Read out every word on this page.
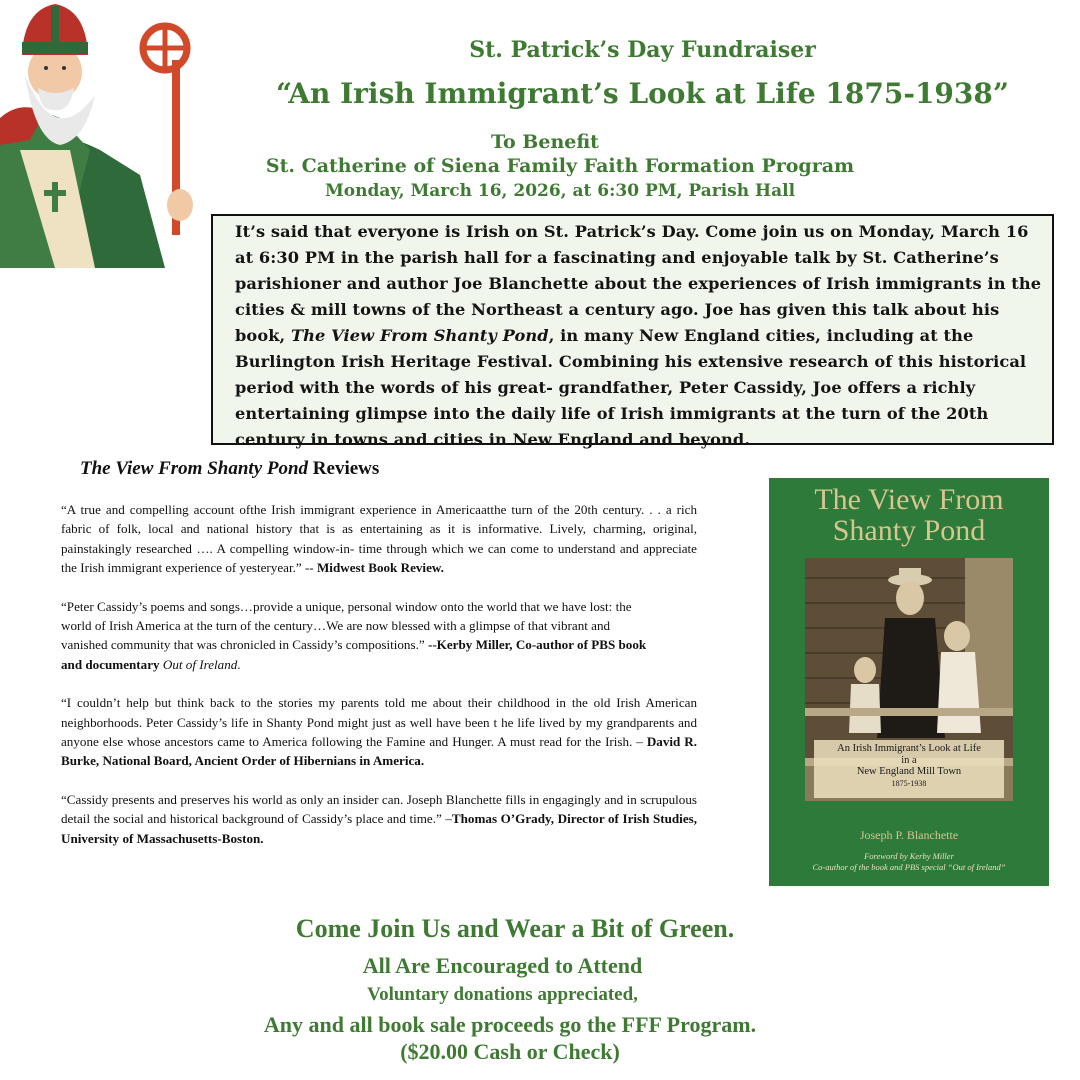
St. Patrick’s Day Fundraiser
“An Irish Immigrant’s Look at Life 1875-1938”
To Benefit
St. Catherine of Siena Family Faith Formation Program
Monday, March 16, 2026, at 6:30 PM, Parish Hall

It’s said that everyone is Irish on St. Patrick’s Day. Come join us on Monday, March 16 at 6:30 PM in the parish hall for a fascinating and enjoyable talk by St. Catherine’s parishioner and author Joe Blanchette about the experiences of Irish immigrants in the cities & mill towns of the Northeast a century ago. Joe has given this talk about his book, The View From Shanty Pond, in many New England cities, including at the Burlington Irish Heritage Festival. Combining his extensive research of this historical period with the words of his great- grandfather, Peter Cassidy, Joe offers a richly entertaining glimpse into the daily life of Irish immigrants at the turn of the 20th century in towns and cities in New England and beyond.

The View From Shanty Pond Reviews

“A true and compelling account ofthe Irish immigrant experience in Americaatthe turn of the 20th century. . . a rich fabric of folk, local and national history that is as entertaining as it is informative. Lively, charming, original, painstakingly researched …. A compelling window-in- time through which we can come to understand and appreciate the Irish immigrant experience of yesteryear.” -- Midwest Book Review.

“Peter Cassidy’s poems and songs…provide a unique, personal window onto the world that we have lost: the world of Irish America at the turn of the century…We are now blessed with a glimpse of that vibrant and vanished community that was chronicled in Cassidy’s compositions.” --Kerby Miller, Co-author of PBS book and documentary Out of Ireland.

“I couldn’t help but think back to the stories my parents told me about their childhood in the old Irish American neighborhoods. Peter Cassidy’s life in Shanty Pond might just as well have been t he life lived by my grandparents and anyone else whose ancestors came to America following the Famine and Hunger. A must read for the Irish. – David R. Burke, National Board, Ancient Order of Hibernians in America.

“Cassidy presents and preserves his world as only an insider can. Joseph Blanchette fills in engagingly and in scrupulous detail the social and historical background of Cassidy’s place and time.” –Thomas O’Grady, Director of Irish Studies, University of Massachusetts-Boston.

The View From
Shanty Pond
An Irish Immigrant’s Look at Life
in a
New England Mill Town
1875-1938
Joseph P. Blanchette
Foreword by Kerby Miller
Co-author of the book and PBS special “Out of Ireland”
Come Join Us and Wear a Bit of Green.
All Are Encouraged to Attend
Voluntary donations appreciated,
Any and all book sale proceeds go the FFF Program.
($20.00 Cash or Check)
